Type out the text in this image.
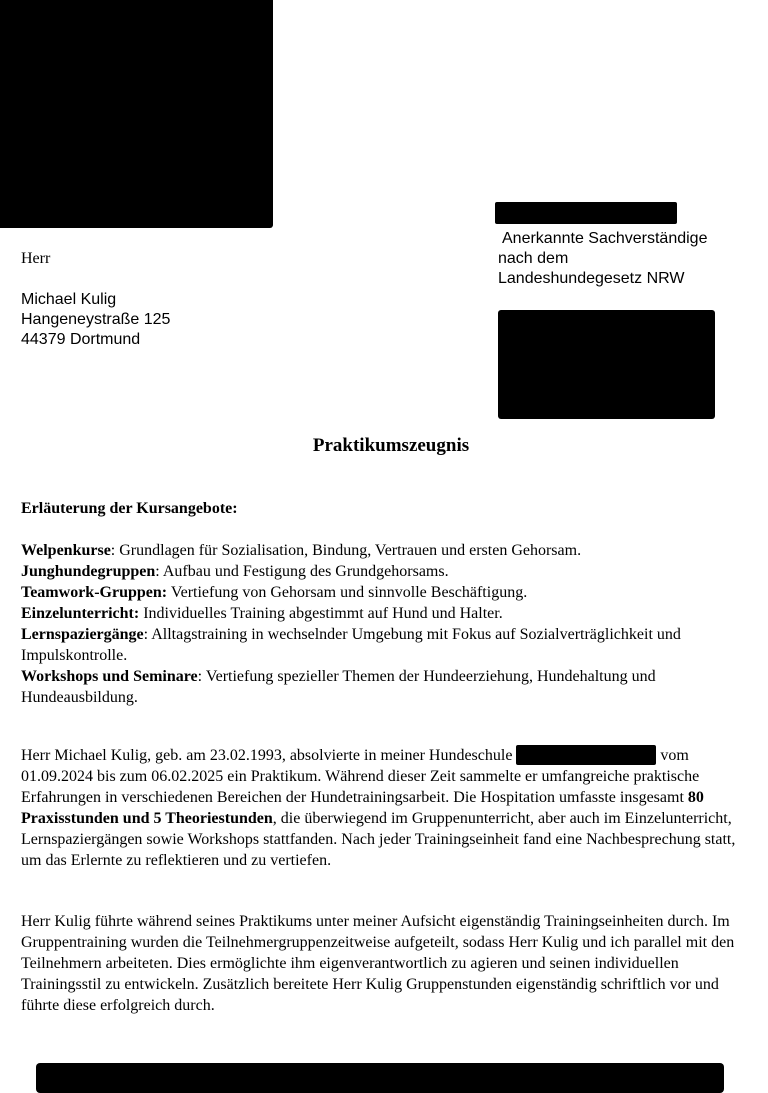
Herr
Michael Kulig
Hangeneystraße 125
44379 Dortmund
Anerkannte Sachverständige
nach dem
Landeshundegesetz NRW
Praktikumszeugnis

Erläuterung der Kursangebote:

Welpenkurse: Grundlagen für Sozialisation, Bindung, Vertrauen und ersten Gehorsam.

Junghundegruppen: Aufbau und Festigung des Grundgehorsams.

Teamwork-Gruppen: Vertiefung von Gehorsam und sinnvolle Beschäftigung.

Einzelunterricht: Individuelles Training abgestimmt auf Hund und Halter.

Lernspaziergänge: Alltagstraining in wechselnder Umgebung mit Fokus auf Sozialverträglichkeit und Impulskontrolle.

Workshops und Seminare: Vertiefung spezieller Themen der Hundeerziehung, Hundehaltung und Hundeausbildung.

Herr Michael Kulig, geb. am 23.02.1993, absolvierte in meiner Hundeschule	vom 01.09.2024 bis zum 06.02.2025 ein Praktikum. Während dieser Zeit sammelte er umfangreiche praktische Erfahrungen in verschiedenen Bereichen der Hundetrainingsarbeit. Die Hospitation umfasste insgesamt 80 Praxisstunden und 5 Theoriestunden, die überwiegend im Gruppenunterricht, aber auch im Einzelunterricht, Lernspaziergängen sowie Workshops stattfanden. Nach jeder Trainingseinheit fand eine Nachbesprechung statt, um das Erlernte zu reflektieren und zu vertiefen.

Herr Kulig führte während seines Praktikums unter meiner Aufsicht eigenständig Trainingseinheiten durch. Im Gruppentraining wurden die Teilnehmergruppenzeitweise aufgeteilt, sodass Herr Kulig und ich parallel mit den Teilnehmern arbeiteten. Dies ermöglichte ihm eigenverantwortlich zu agieren und seinen individuellen Trainingsstil zu entwickeln. Zusätzlich bereitete Herr Kulig Gruppenstunden eigenständig schriftlich vor und führte diese erfolgreich durch.
